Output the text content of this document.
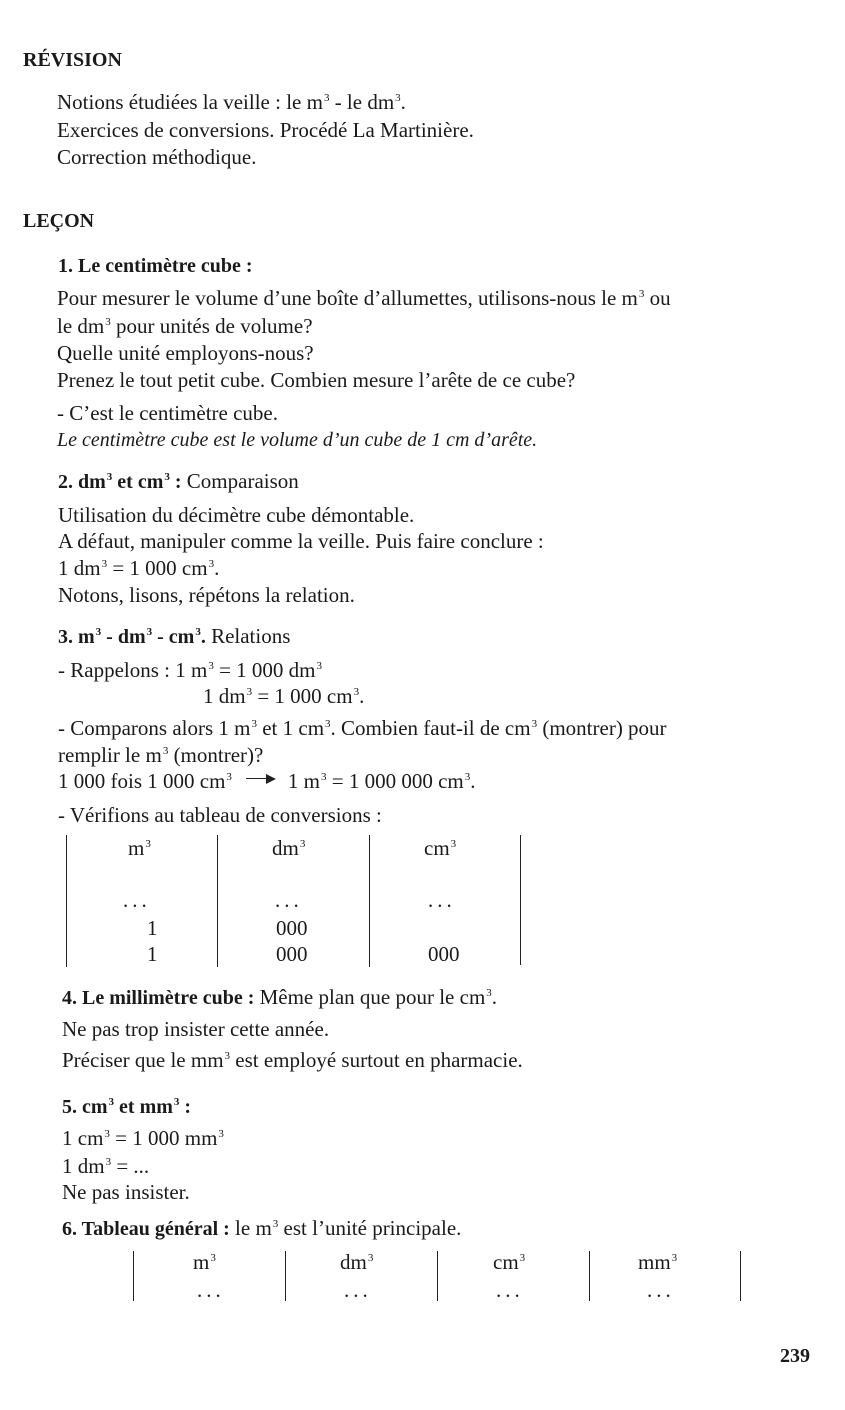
RÉVISION
Notions étudiées la veille : le $m^3$ - le $dm^3$.
Exercices de conversions. Procédé La Martinière.
Correction méthodique.
LEÇON
1. Le centimètre cube :
Pour mesurer le volume d’une boîte d’allumettes, utilisons-nous le $m^3$ ou
le $dm^3$ pour unités de volume?
Quelle unité employons-nous?
Prenez le tout petit cube. Combien mesure l’arête de ce cube?
- C’est le centimètre cube.
Le centimètre cube est le volume d’un cube de 1 cm d’arête.
2. $dm^3$ et $cm^3$ : Comparaison
Utilisation du décimètre cube démontable.
A défaut, manipuler comme la veille. Puis faire conclure :
1 $dm^3 = 1$ 000 $cm^3$.
Notons, lisons, répétons la relation.
3. $m^3 - dm^3 - cm^3$. Relations
- Rappelons : 1 $m^3 = 1$ 000 $dm^3$
1 $dm^3 = 1$ 000 $cm^3$.
- Comparons alors 1 $m^3$ et 1 $cm^3$. Combien faut-il de $cm^3$ (montrer) pour
remplir le $m^3$ (montrer)?
1 000 fois 1 000 $cm^3$	1 $m^3 = 1$ 000 000 $cm^3$.
- Vérifions au tableau de conversions :
$m^3$	$dm^3$	$cm^3$
...	...	...
1	000
1	000	000
4. Le millimètre cube : Même plan que pour le $cm^3$.
Ne pas trop insister cette année.
Préciser que le $mm^3$ est employé surtout en pharmacie.
5. $cm^3$ et $mm^3$ :
1 $cm^3 = 1$ 000 $mm^3$
1 $dm^3$ = ...
Ne pas insister.
6. Tableau général : le $m^3$ est l’unité principale.
$m^3$	$dm^3$	$cm^3$	$mm^3$
...	...	...	...
239
